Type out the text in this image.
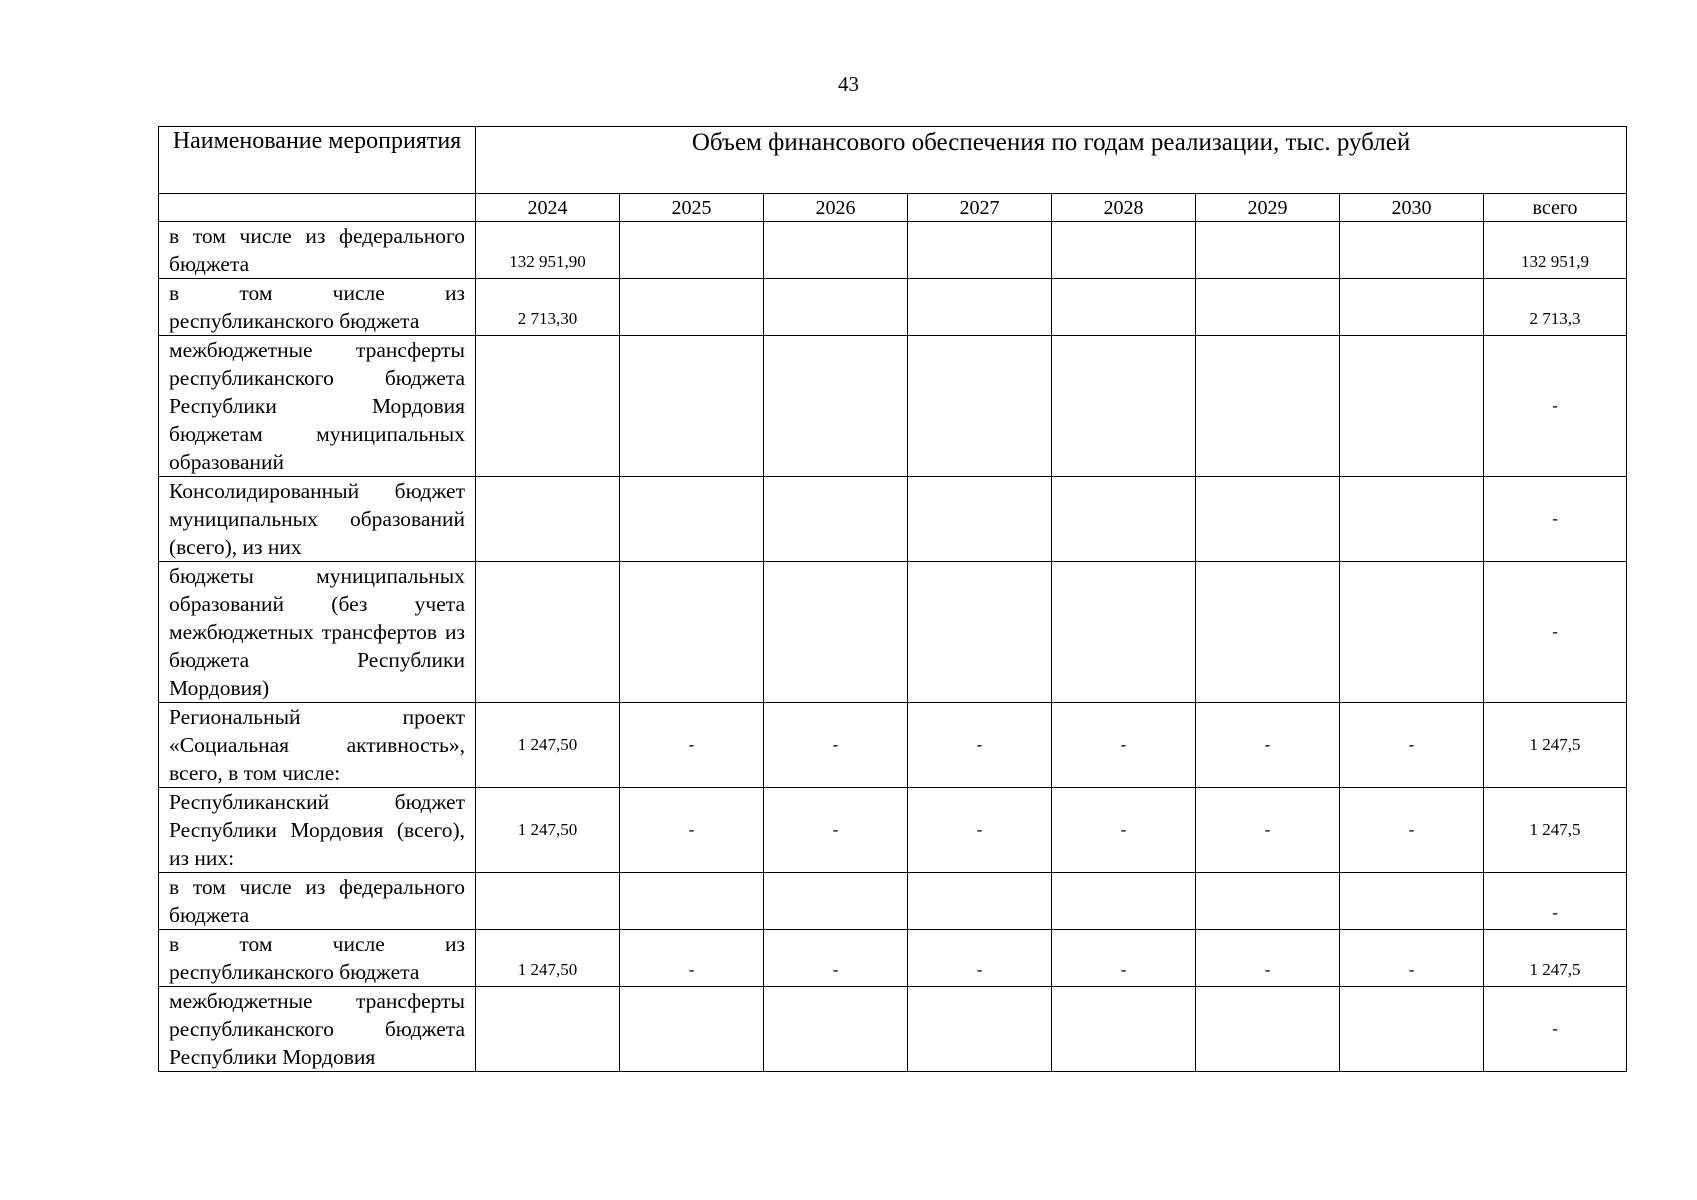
43
Наименование мероприятия	Объем финансового обеспечения по годам реализации, тыс. рублей							
	2024	2025	2026	2027	2028	2029	2030	всего
в том числе из федерального бюджета	132 951,90							132 951,9
в том числе из республиканского бюджета	2 713,30							2 713,3
межбюджетные трансферты республиканского бюджета Республики Мордовия бюджетам муниципальных образований								-
Консолидированный бюджет муниципальных образований (всего), из них								-
бюджеты муниципальных образований (без учета межбюджетных трансфертов из бюджета Республики Мордовия)								-
Региональный проект «Социальная активность», всего, в том числе:	1 247,50	-	-	-	-	-	-	1 247,5
Республиканский бюджет Республики Мордовия (всего), из них:	1 247,50	-	-	-	-	-	-	1 247,5
в том числе из федерального бюджета								-
в том числе из республиканского бюджета	1 247,50	-	-	-	-	-	-	1 247,5
межбюджетные трансферты республиканского бюджета Республики Мордовия								-
